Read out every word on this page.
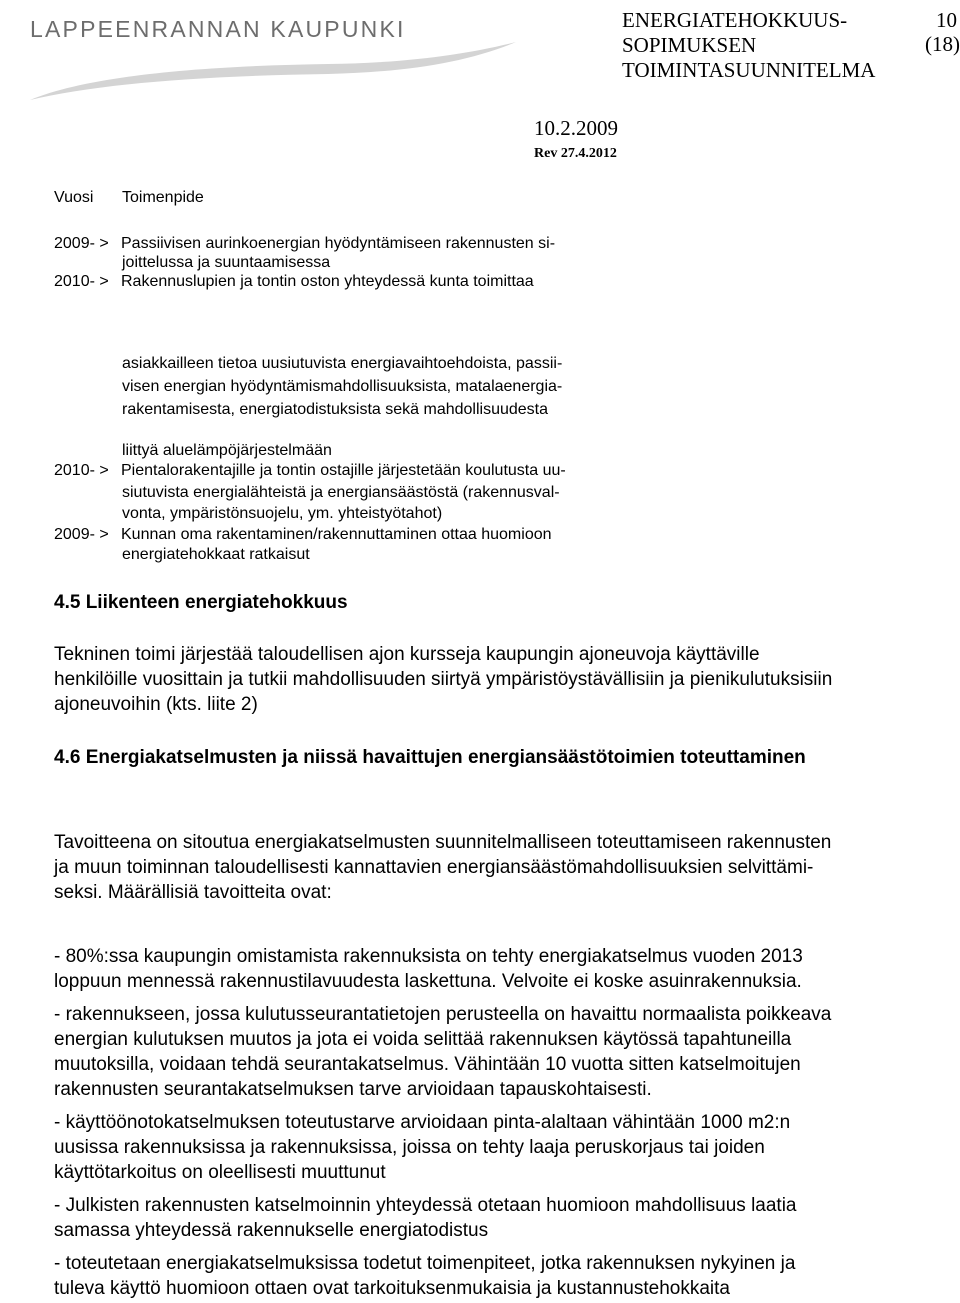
LAPPEENRANNAN KAUPUNKI	ENERGIATEHOKKUUS-
SOPIMUKSEN
TOIMINTASUUNNITELMA
10
(18)
10.2.2009
Rev 27.4.2012
Vuosi Toimenpide
2009- > Passiivisen aurinkoenergian hyödyntämiseen rakennusten si-
joittelussa ja suuntaamisessa
2010- > Rakennuslupien ja tontin oston yhteydessä kunta toimittaa
asiakkailleen tietoa uusiutuvista energiavaihtoehdoista, passii-
visen energian hyödyntämismahdollisuuksista, matalaenergia-
rakentamisesta, energiatodistuksista sekä mahdollisuudesta
liittyä aluelämpöjärjestelmään
2010- > Pientalorakentajille ja tontin ostajille järjestetään koulutusta uu-
siutuvista energialähteistä ja energiansäästöstä (rakennusval-
vonta, ympäristönsuojelu, ym. yhteistyötahot)
2009- > Kunnan oma rakentaminen/rakennuttaminen ottaa huomioon
energiatehokkaat ratkaisut
4.5 Liikenteen energiatehokkuus
Tekninen toimi järjestää taloudellisen ajon kursseja kaupungin ajoneuvoja käyttäville
henkilöille vuosittain ja tutkii mahdollisuuden siirtyä ympäristöystävällisiin ja pienikulutuksisiin
ajoneuvoihin (kts. liite 2)
4.6 Energiakatselmusten ja niissä havaittujen energiansäästötoimien toteuttaminen
Tavoitteena on sitoutua energiakatselmusten suunnitelmalliseen toteuttamiseen rakennusten
ja muun toiminnan taloudellisesti kannattavien energiansäästömahdollisuuksien selvittämi-
seksi. Määrällisiä tavoitteita ovat:
- 80%:ssa kaupungin omistamista rakennuksista on tehty energiakatselmus vuoden 2013
loppuun mennessä rakennustilavuudesta laskettuna. Velvoite ei koske asuinrakennuksia.
- rakennukseen, jossa kulutusseurantatietojen perusteella on havaittu normaalista poikkeava
energian kulutuksen muutos ja jota ei voida selittää rakennuksen käytössä tapahtuneilla
muutoksilla, voidaan tehdä seurantakatselmus. Vähintään 10 vuotta sitten katselmoitujen
rakennusten seurantakatselmuksen tarve arvioidaan tapauskohtaisesti.
- käyttöönotokatselmuksen toteutustarve arvioidaan pinta-alaltaan vähintään 1000 m2:n
uusissa rakennuksissa ja rakennuksissa, joissa on tehty laaja peruskorjaus tai joiden
käyttötarkoitus on oleellisesti muuttunut
- Julkisten rakennusten katselmoinnin yhteydessä otetaan huomioon mahdollisuus laatia
samassa yhteydessä rakennukselle energiatodistus
- toteutetaan energiakatselmuksissa todetut toimenpiteet, jotka rakennuksen nykyinen ja
tuleva käyttö huomioon ottaen ovat tarkoituksenmukaisia ja kustannustehokkaita
